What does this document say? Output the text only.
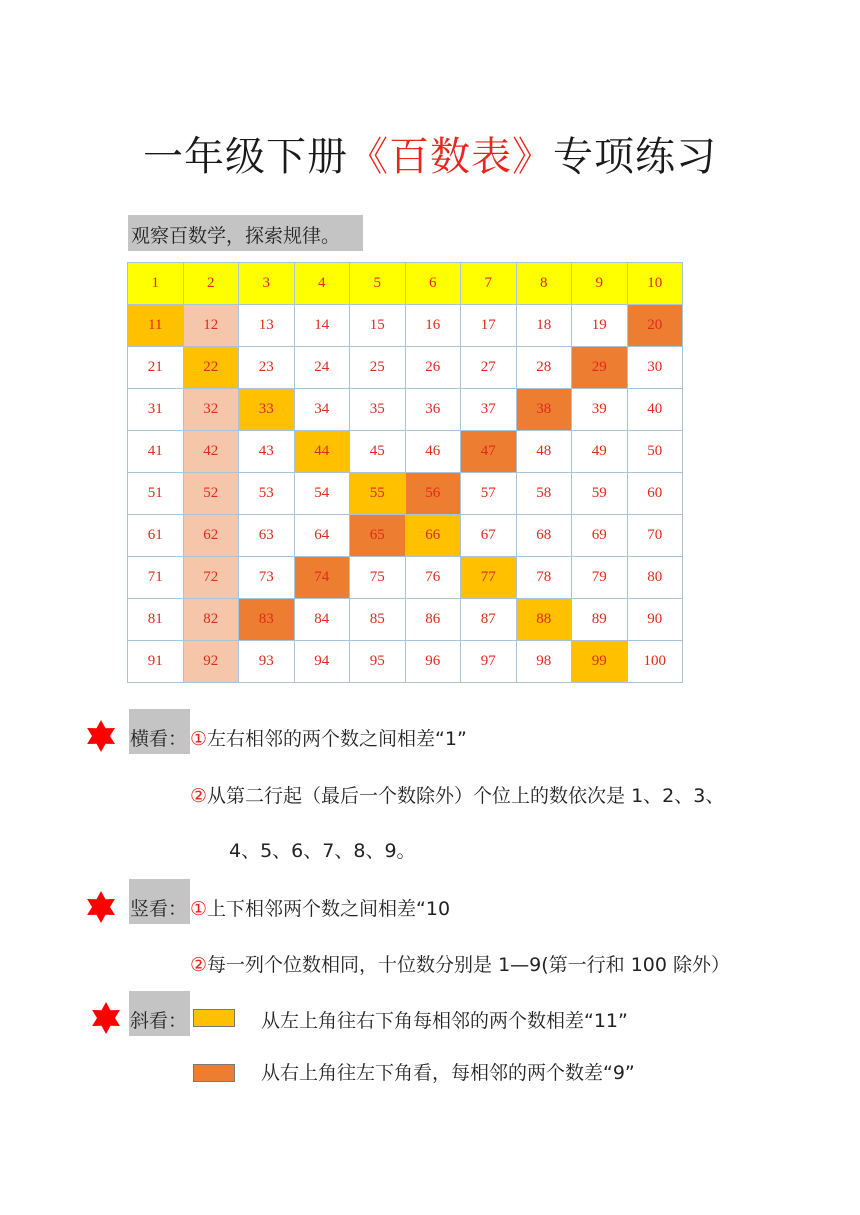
一年级下册《百数表》专项练习
观察百数学，探索规律。
1	2	3	4	5	6	7	8	9	10
11	12	13	14	15	16	17	18	19	20
21	22	23	24	25	26	27	28	29	30
31	32	33	34	35	36	37	38	39	40
41	42	43	44	45	46	47	48	49	50
51	52	53	54	55	56	57	58	59	60
61	62	63	64	65	66	67	68	69	70
71	72	73	74	75	76	77	78	79	80
81	82	83	84	85	86	87	88	89	90
91	92	93	94	95	96	97	98	99	100
横看： ①左右相邻的两个数之间相差“1”
②从第二行起（最后一个数除外）个位上的数依次是 1、2、3、
4、5、6、7、8、9。
竖看： ①上下相邻两个数之间相差“10
②每一列个位数相同，十位数分别是 1—9(第一行和 100 除外）
斜看：	从左上角往右下角每相邻的两个数相差“11”
从右上角往左下角看，每相邻的两个数差“9”
